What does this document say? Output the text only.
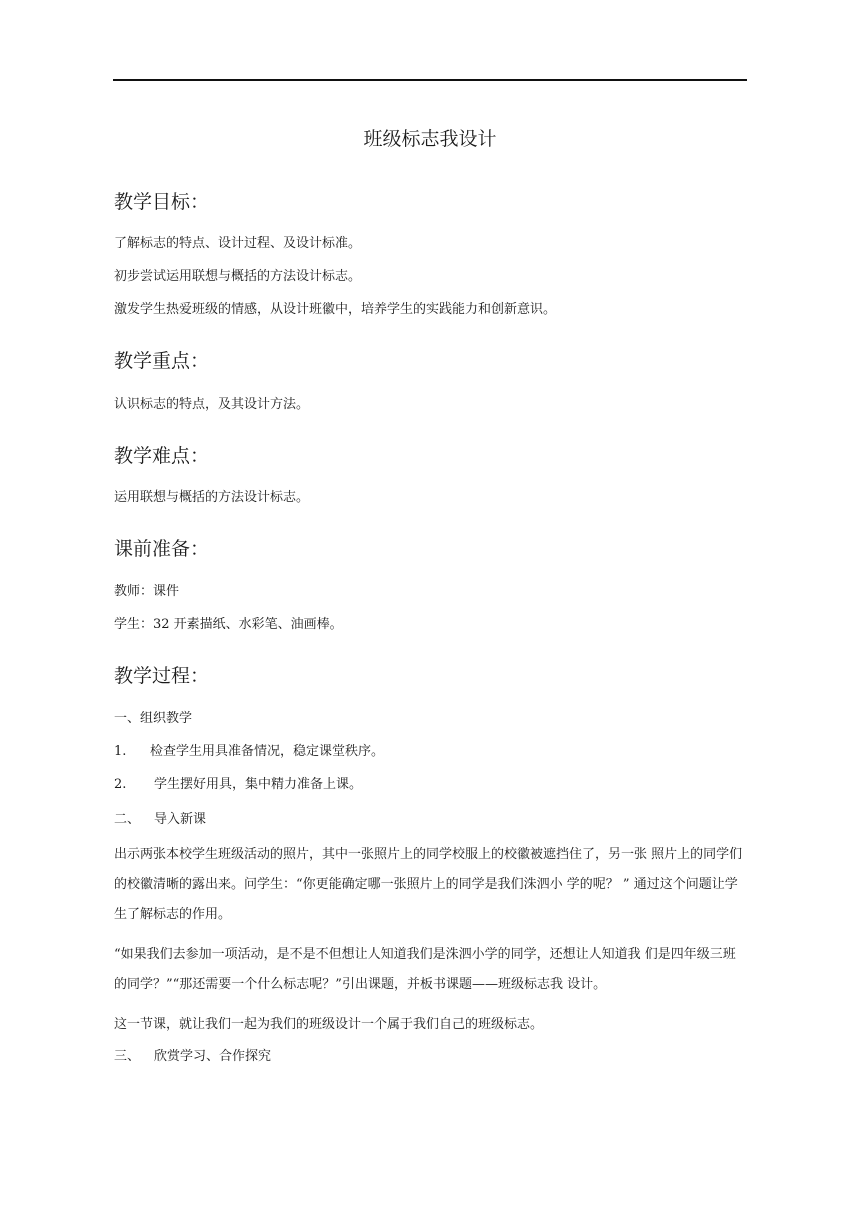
班级标志我设计
教学目标：
了解标志的特点、设计过程、及设计标准。
初步尝试运用联想与概括的方法设计标志。
激发学生热爱班级的情感，从设计班徽中，培养学生的实践能力和创新意识。
教学重点：
认识标志的特点，及其设计方法。
教学难点：
运用联想与概括的方法设计标志。
课前准备：
教师：课件
学生：32 开素描纸、水彩笔、油画棒。
教学过程：
一、组织教学
1. 检查学生用具准备情况，稳定课堂秩序。
2. 学生摆好用具，集中精力准备上课。
二、 导入新课
出示两张本校学生班级活动的照片，其中一张照片上的同学校服上的校徽被遮挡住了，另一张 照片上的同学们的校徽清晰的露出来。问学生：“你更能确定哪一张照片上的同学是我们洙泗小 学的呢？ ” 通过这个问题让学生了解标志的作用。
“如果我们去参加一项活动，是不是不但想让人知道我们是洙泗小学的同学，还想让人知道我 们是四年级三班的同学？”“那还需要一个什么标志呢？”引出课题，并板书课题——班级标志我 设计。
这一节课，就让我们一起为我们的班级设计一个属于我们自己的班级标志。
三、 欣赏学习、合作探究
